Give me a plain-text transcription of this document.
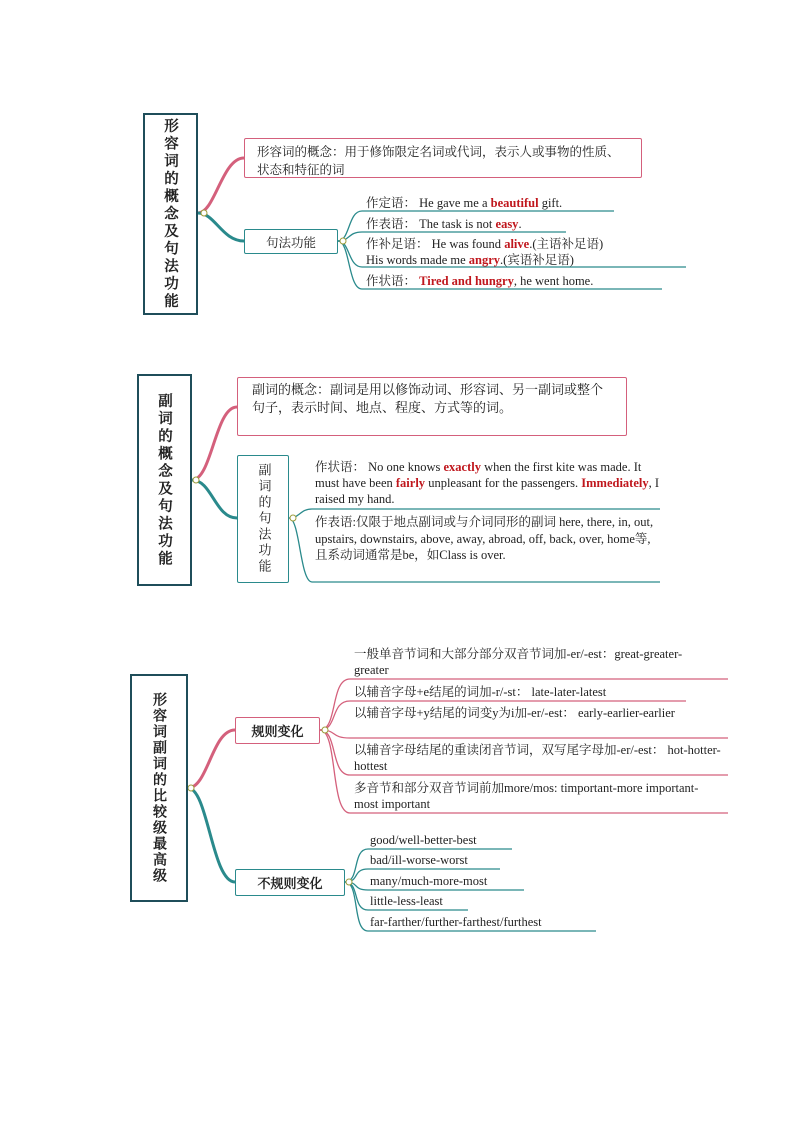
形容词的概念及句法功能	形容词的概念：用于修饰限定名词或代词，表示人或事物的性质、状态和特征的词
句法功能
作定语： He gave me a beautiful gift.
作表语： The task is not easy.
作补足语： He was found alive.(主语补足语)
His words made me angry.(宾语补足语)
作状语： Tired and hungry, he went home.
副词的概念及句法功能
副词的概念：副词是用以修饰动词、形容词、另一副词或整个句子，表示时间、地点、程度、方式等的词。
副词的句法功能	作状语： No one knows exactly when the first kite was made. It must have been fairly unpleasant for the passengers. Immediately, I raised my hand.
作表语:仅限于地点副词或与介词同形的副词 here, there, in, out, upstairs, downstairs, above, away, abroad, off, back, over, home等, 且系动词通常是be，如Class is over.
形容词副词的比较级最高级	规则变化
不规则变化
一般单音节词和大部分部分双音节词加-er/-est：great-greater-greater
以辅音字母+e结尾的词加-r/-st： late-later-latest
以辅音字母+y结尾的词变y为i加-er/-est： early-earlier-earlier
以辅音字母结尾的重读闭音节词，双写尾字母加-er/-est： hot-hotter-hottest
多音节和部分双音节词前加more/mos: timportant-more important-most important
good/well-better-best
bad/ill-worse-worst
many/much-more-most
little-less-least
far-farther/further-farthest/furthest
